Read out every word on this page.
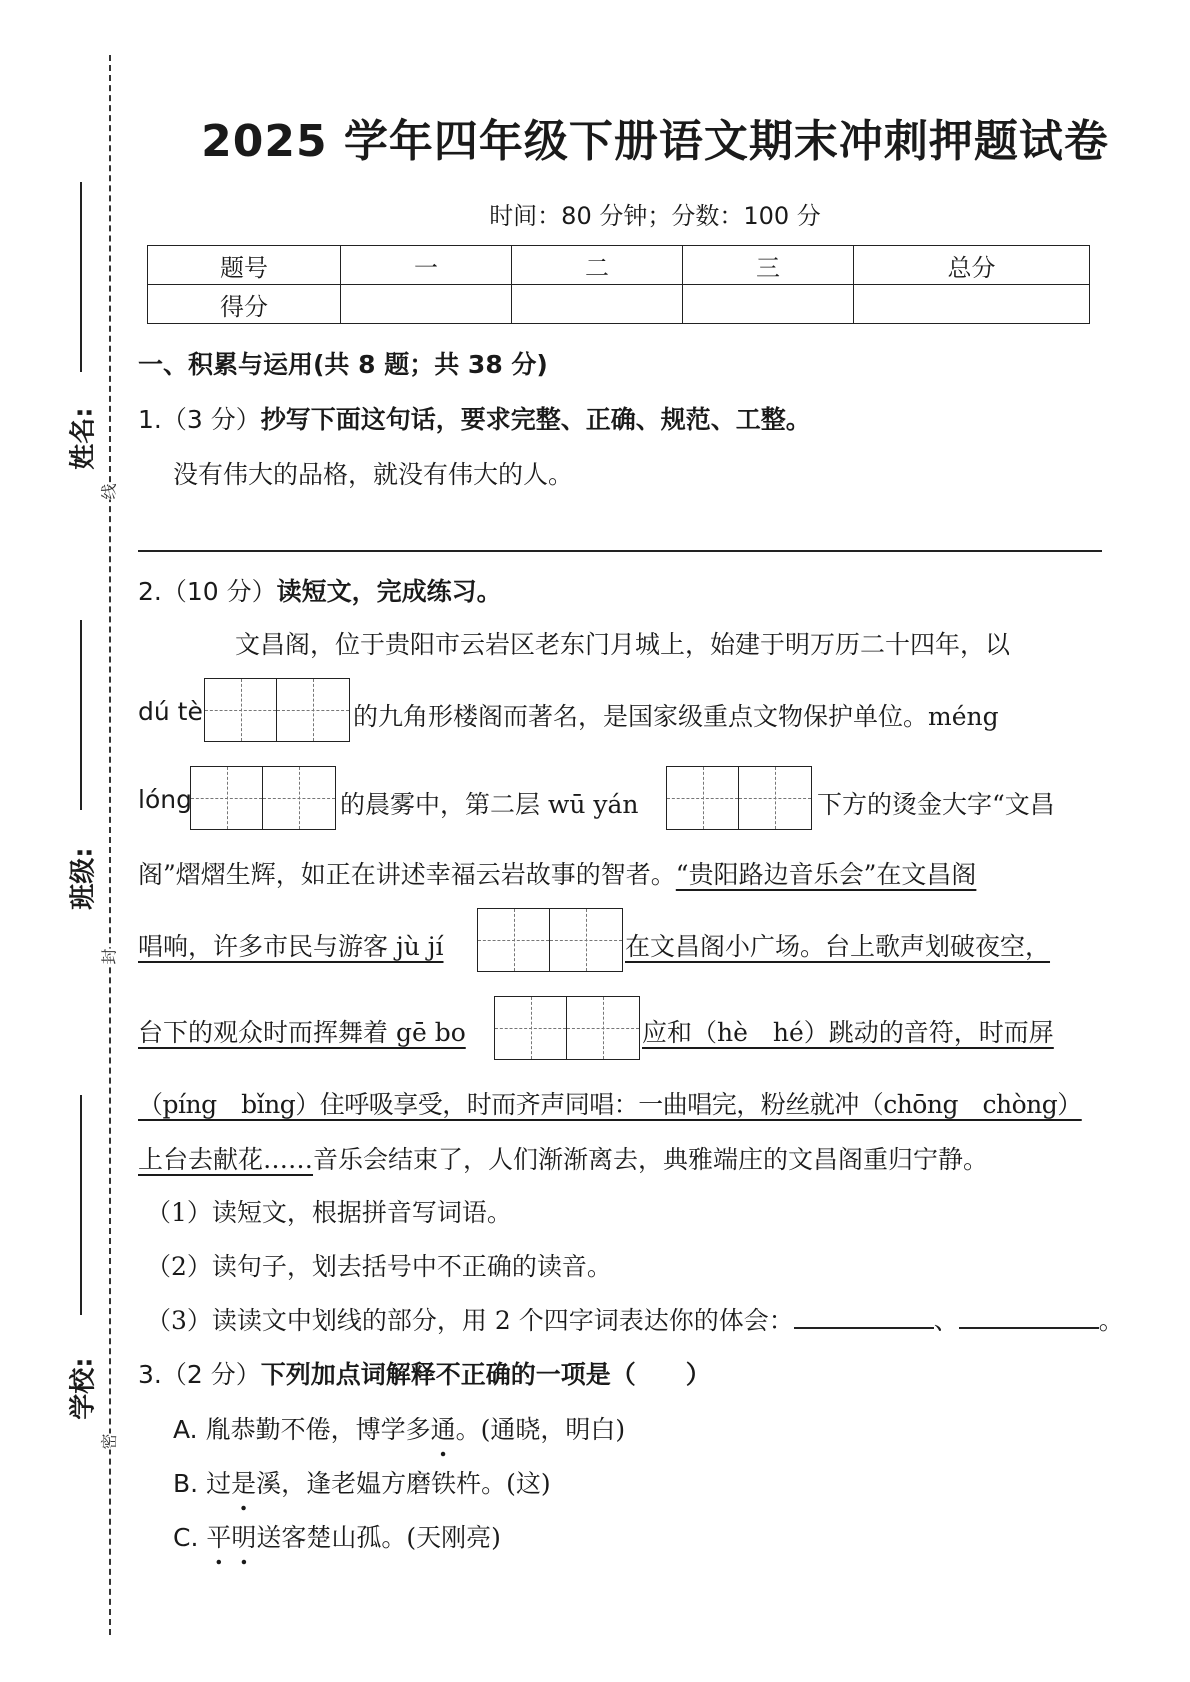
姓名:
班级:
学校:
线
封
密
2025 学年四年级下册语文期末冲刺押题试卷
时间：80 分钟；分数：100 分
题号	一	二	三	总分
得分				
一、积累与运用(共 8 题；共 38 分)
1.（3 分）抄写下面这句话，要求完整、正确、规范、工整。
没有伟大的品格，就没有伟大的人。
2.（10 分）读短文，完成练习。
文昌阁，位于贵阳市云岩区老东门月城上，始建于明万历二十四年，以
dú tè	的九角形楼阁而著名，是国家级重点文物保护单位。méng
lóng	的晨雾中，第二层 wū yán	下方的烫金大字“文昌
阁”熠熠生辉，如正在讲述幸福云岩故事的智者。“贵阳路边音乐会”在文昌阁
唱响，许多市民与游客 jù jí	在文昌阁小广场。台上歌声划破夜空，
台下的观众时而挥舞着 gē bo	应和（hè　hé）跳动的音符，时而屏
（píng　bǐng）住呼吸享受，时而齐声同唱：一曲唱完，粉丝就冲（chōng　chòng）
上台去献花……音乐会结束了，人们渐渐离去，典雅端庄的文昌阁重归宁静。
（1）读短文，根据拼音写词语。
（2）读句子，划去括号中不正确的读音。
（3）读读文中划线的部分，用 2 个四字词表达你的体会：	、	。
3.（2 分）下列加点词解释不正确的一项是（　　）
A. 胤恭勤不倦，博学多通。(通晓，明白)
B. 过是溪，逢老媪方磨铁杵。(这)
C. 平明送客楚山孤。(天刚亮)
